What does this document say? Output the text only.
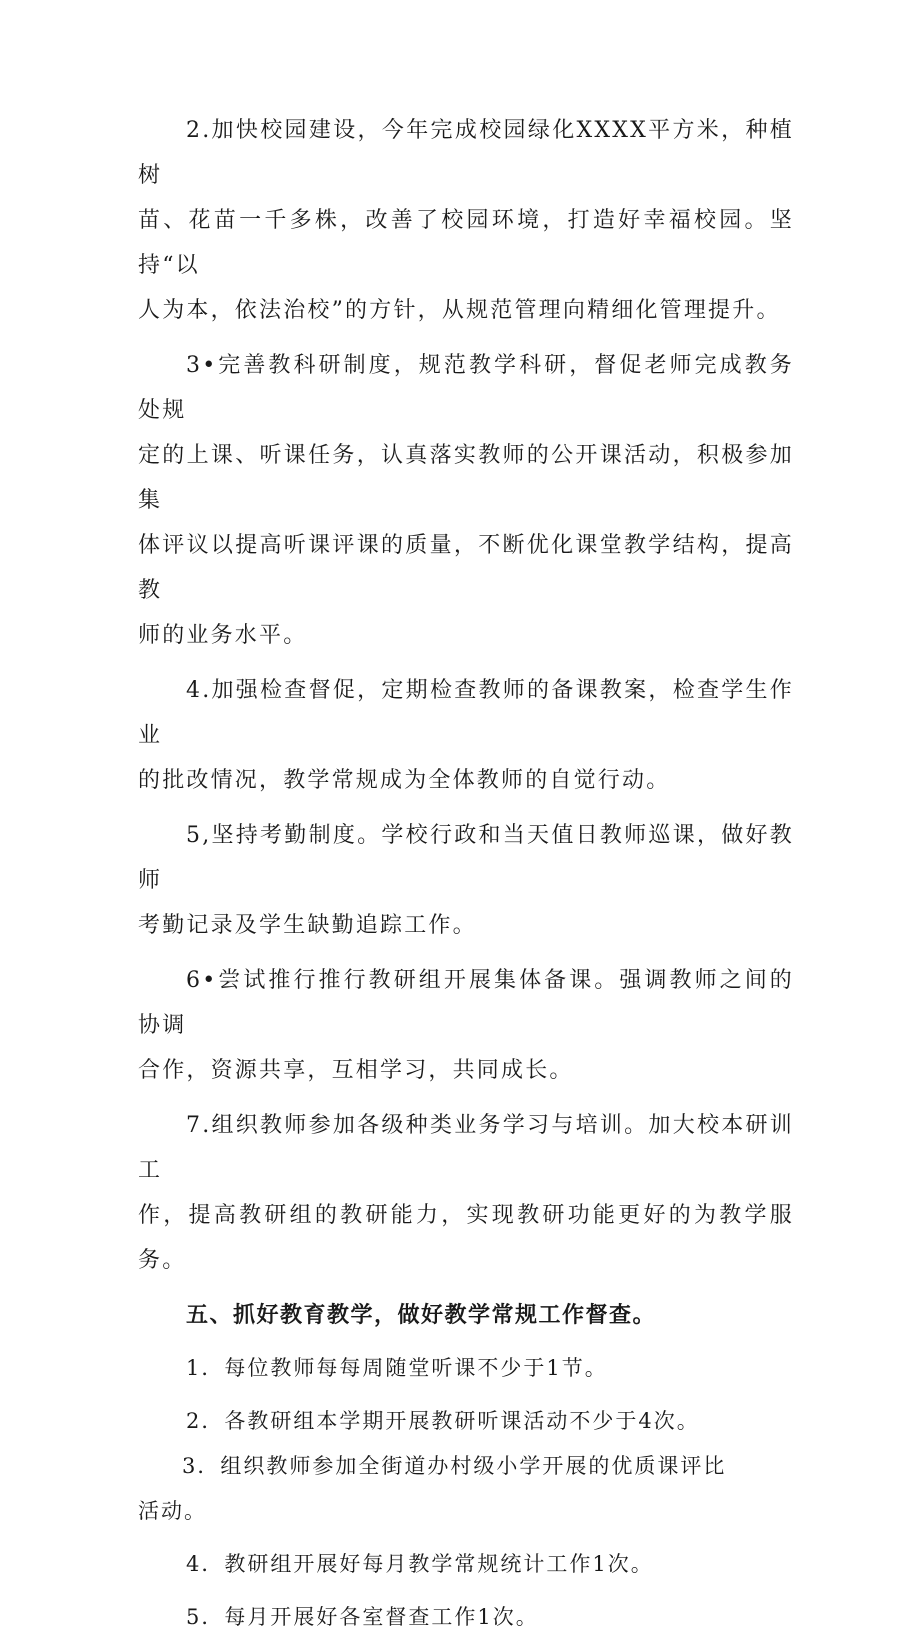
2.加快校园建设，今年完成校园绿化XXXX平方米，种植树
苗、花苗一千多株，改善了校园环境，打造好幸福校园。坚持“以
人为本，依法治校”的方针，从规范管理向精细化管理提升。

3•完善教科研制度，规范教学科研，督促老师完成教务处规
定的上课、听课任务，认真落实教师的公开课活动，积极参加集
体评议以提高听课评课的质量，不断优化课堂教学结构，提高教
师的业务水平。

4.加强检查督促，定期检查教师的备课教案，检查学生作业
的批改情况，教学常规成为全体教师的自觉行动。

5,坚持考勤制度。学校行政和当天值日教师巡课，做好教师
考勤记录及学生缺勤追踪工作。

6•尝试推行推行教研组开展集体备课。强调教师之间的协调
合作，资源共享，互相学习，共同成长。

7.组织教师参加各级种类业务学习与培训。加大校本研训工
作，提高教研组的教研能力，实现教研功能更好的为教学服务。

五、抓好教育教学，做好教学常规工作督查。

1．每位教师每每周随堂听课不少于1节。

2．各教研组本学期开展教研听课活动不少于4次。

3．组织教师参加全街道办村级小学开展的优质课评比

活动。

4．教研组开展好每月教学常规统计工作1次。

5．每月开展好各室督查工作1次。
